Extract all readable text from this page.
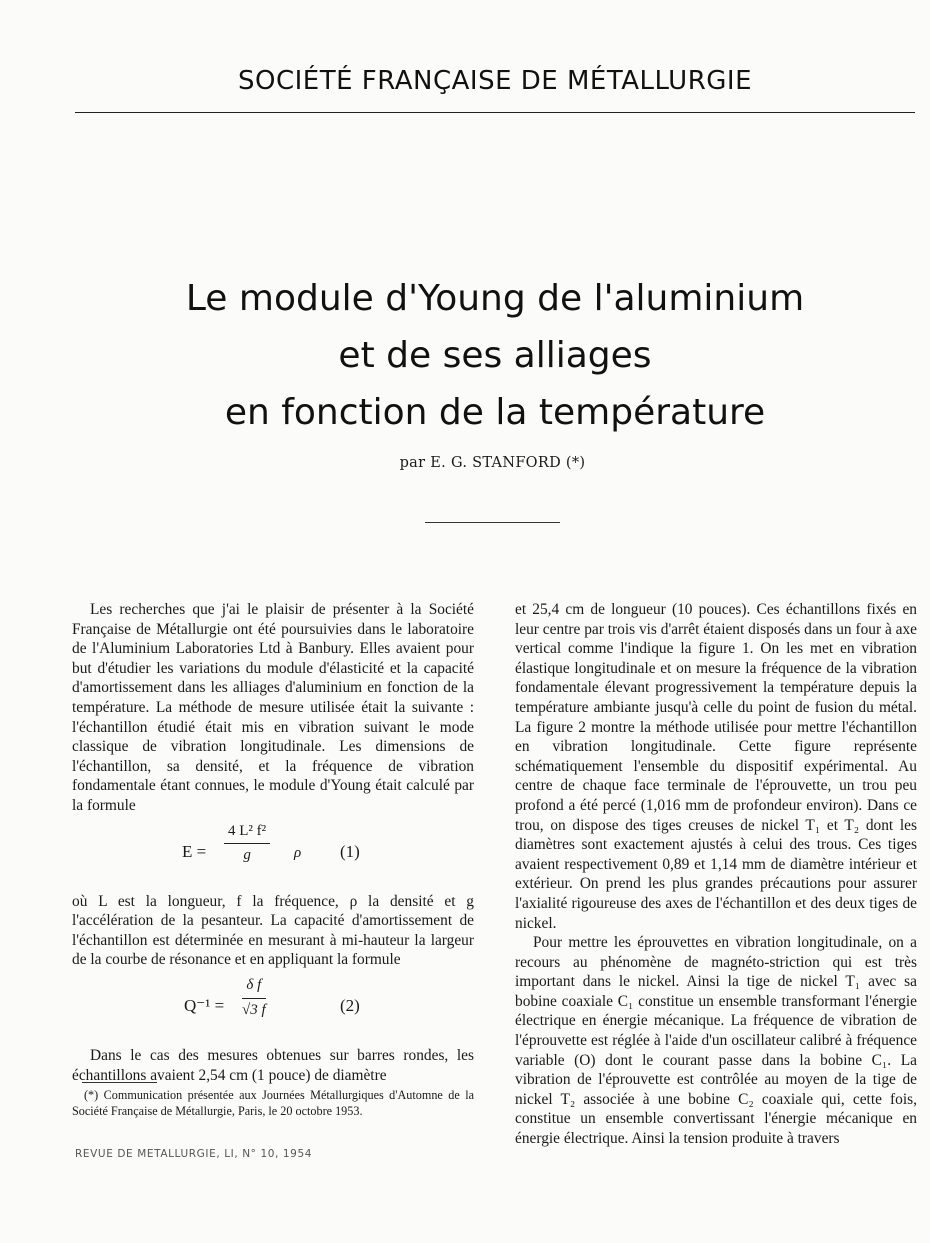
SOCIÉTÉ FRANÇAISE DE MÉTALLURGIE
Le module d'Young de l'aluminium
et de ses alliages
en fonction de la température
par E. G. STANFORD (*)

Les recherches que j'ai le plaisir de présenter à la Société Française de Métallurgie ont été poursuivies dans le laboratoire de l'Aluminium Laboratories Ltd à Banbury. Elles avaient pour but d'étudier les variations du module d'élasticité et la capacité d'amortissement dans les alliages d'aluminium en fonction de la température. La méthode de mesure utilisée était la suivante : l'échantillon étudié était mis en vibration suivant le mode classique de vibration longitudinale. Les dimensions de l'échantillon, sa densité, et la fréquence de vibration fondamentale étant connues, le module d'Young était calculé par la formule

E =
4 L² f²
g	ρ (1)

où L est la longueur, f la fréquence, ρ la densité et g l'accélération de la pesanteur. La capacité d'amortissement de l'échantillon est déterminée en mesurant à mi-hauteur la largeur de la courbe de résonance et en appliquant la formule

Q⁻¹ =
δ f
√3 f	(2)

Dans le cas des mesures obtenues sur barres rondes, les échantillons avaient 2,54 cm (1 pouce) de diamètre

et 25,4 cm de longueur (10 pouces). Ces échantillons fixés en leur centre par trois vis d'arrêt étaient disposés dans un four à axe vertical comme l'indique la figure 1. On les met en vibration élastique longitudinale et on mesure la fréquence de la vibration fondamentale élevant progressivement la température depuis la température ambiante jusqu'à celle du point de fusion du métal. La figure 2 montre la méthode utilisée pour mettre l'échantillon en vibration longitudinale. Cette figure représente schématiquement l'ensemble du dispositif expérimental. Au centre de chaque face terminale de l'éprouvette, un trou peu profond a été percé (1,016 mm de profondeur environ). Dans ce trou, on dispose des tiges creuses de nickel T₁ et T₂ dont les diamètres sont exactement ajustés à celui des trous. Ces tiges avaient respectivement 0,89 et 1,14 mm de diamètre intérieur et extérieur. On prend les plus grandes précautions pour assurer l'axialité rigoureuse des axes de l'échantillon et des deux tiges de nickel.

Pour mettre les éprouvettes en vibration longitudinale, on a recours au phénomène de magnéto-striction qui est très important dans le nickel. Ainsi la tige de nickel T₁ avec sa bobine coaxiale C₁ constitue un ensemble transformant l'énergie électrique en énergie mécanique. La fréquence de vibration de l'éprouvette est réglée à l'aide d'un oscillateur calibré à fréquence variable (O) dont le courant passe dans la bobine C₁. La vibration de l'éprouvette est contrôlée au moyen de la tige de nickel T₂ associée à une bobine C₂ coaxiale qui, cette fois, constitue un ensemble convertissant l'énergie mécanique en énergie électrique. Ainsi la tension produite à travers

(*) Communication présentée aux Journées Métallurgiques d'Automne de la Société Française de Métallurgie, Paris, le 20 octobre 1953.
REVUE DE METALLURGIE, LI, N° 10, 1954
